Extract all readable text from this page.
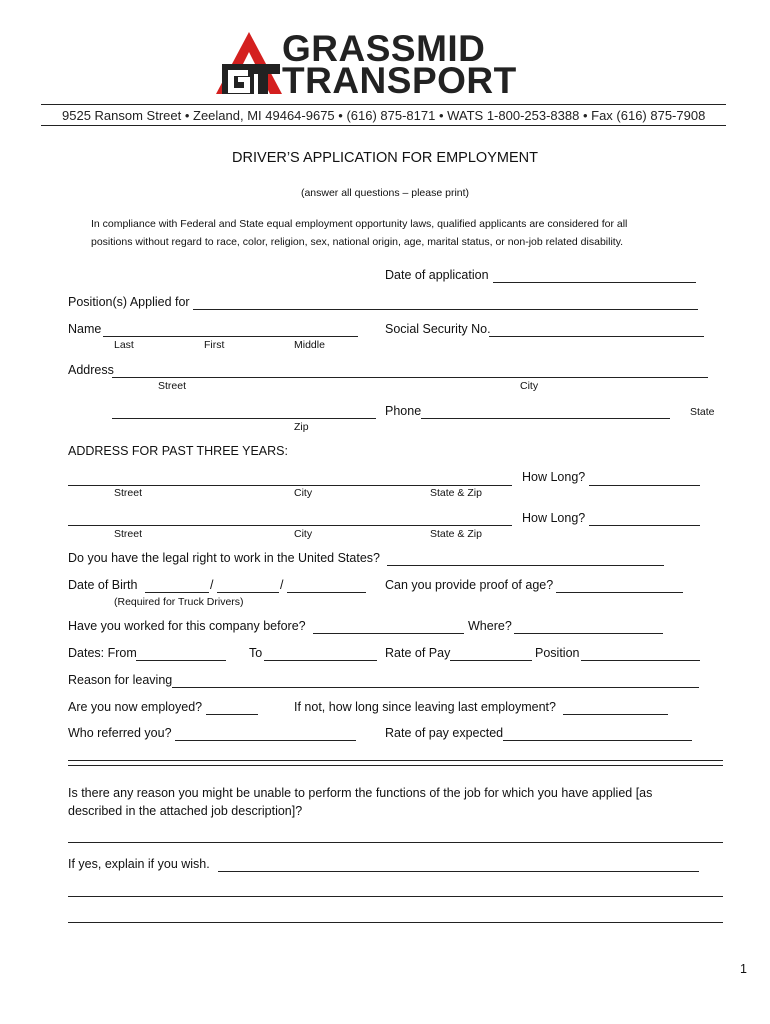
GRASSMID
TRANSPORT
9525 Ransom Street • Zeeland, MI 49464-9675 • (616) 875-8171 • WATS 1-800-253-8388 • Fax (616) 875-7908
DRIVER’S APPLICATION FOR EMPLOYMENT
(answer all questions – please print)
In compliance with Federal and State equal employment opportunity laws, qualified applicants are considered for all
positions without regard to race, color, religion, sex, national origin, age, marital status, or non-job related disability.
Date of application
Position(s) Applied for
Name	Social Security No.
Last	First	Middle
Address
Street	City
Phone	State
Zip
ADDRESS FOR PAST THREE YEARS:
How Long?
Street	City	State & Zip
How Long?
Street	City	State & Zip
Do you have the legal right to work in the United States?
Date of Birth	/	/	Can you provide proof of age?
(Required for Truck Drivers)
Have you worked for this company before?	Where?
Dates: From	To	Rate of Pay	Position
Reason for leaving
Are you now employed?	If not, how long since leaving last employment?
Who referred you?	Rate of pay expected
Is there any reason you might be unable to perform the functions of the job for which you have applied [as
described in the attached job description]?
If yes, explain if you wish.
1
